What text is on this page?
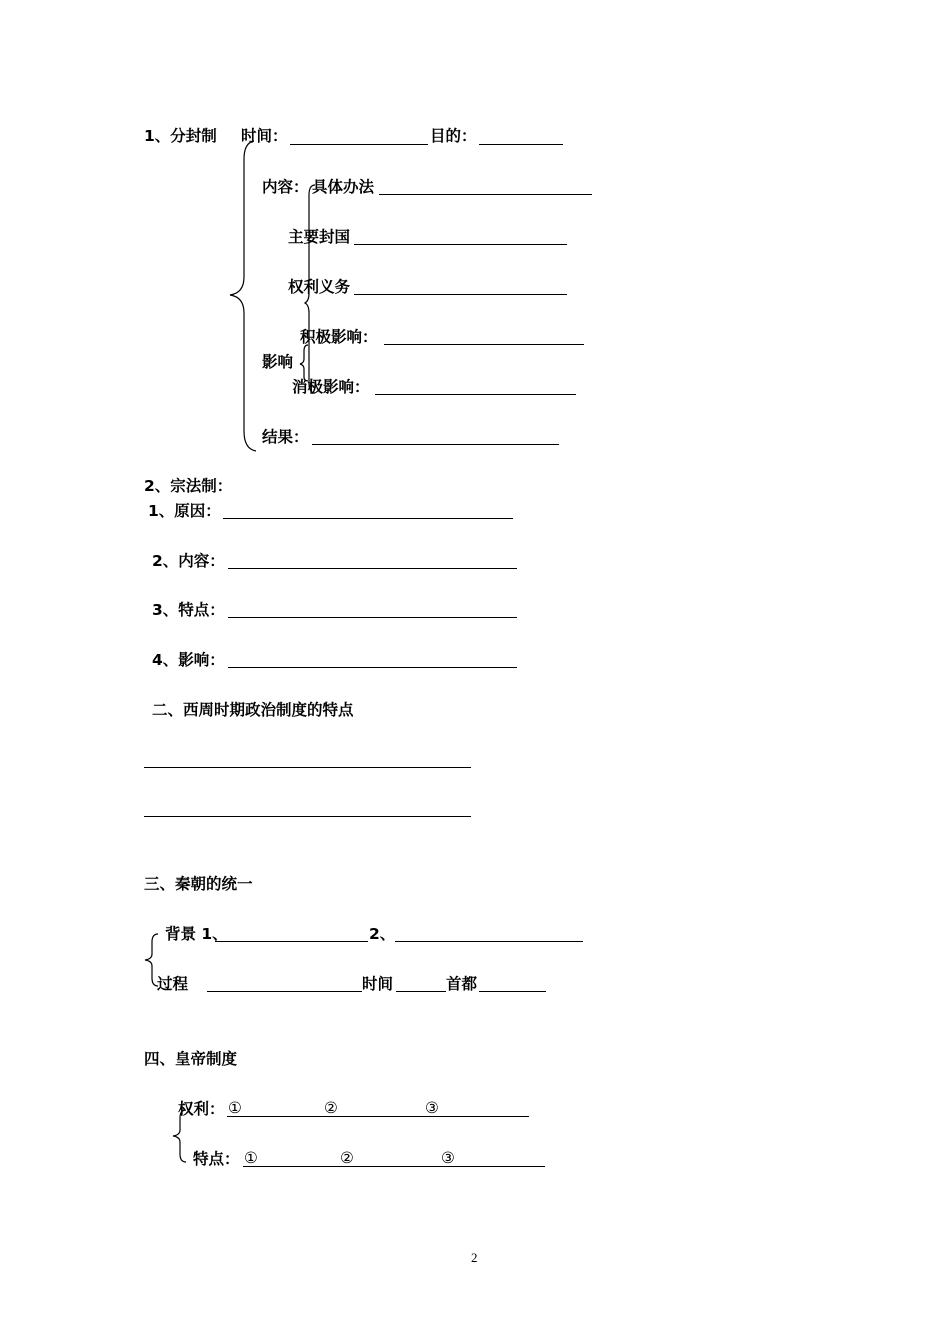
1、分封制 时间：	目的：
内容： 具体办法
主要封国
权利义务
积极影响：
影响
消极影响：
结果：
2、宗法制：
1、原因：
2、内容：
3、特点：
4、影响：
二、西周时期政治制度的特点
三、秦朝的统一
背景 1、	2、
过程	时间	首都
四、皇帝制度
权利： ①	②	③
特点： ①	②	③
2
